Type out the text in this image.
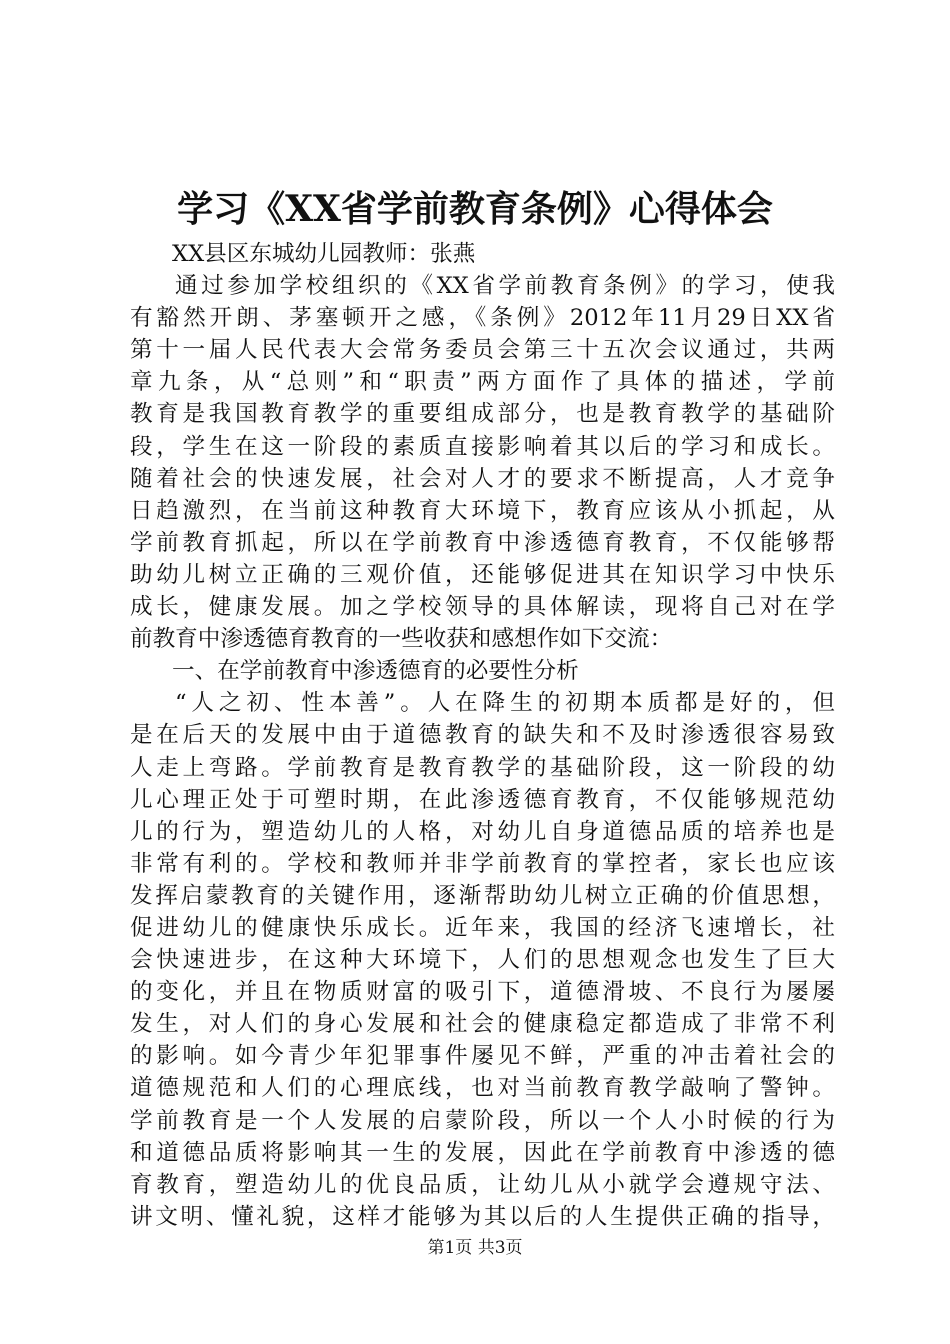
学习《XX省学前教育条例》心得体会
XX县区东城幼儿园教师：张燕
通过参加学校组织的《XX省学前教育条例》的学习，使我
有豁然开朗、茅塞顿开之感，《条例》2012年11月29日XX省
第十一届人民代表大会常务委员会第三十五次会议通过，共两
章九条，从“总则”和“职责”两方面作了具体的描述，学前
教育是我国教育教学的重要组成部分，也是教育教学的基础阶
段，学生在这一阶段的素质直接影响着其以后的学习和成长。
随着社会的快速发展，社会对人才的要求不断提高，人才竞争
日趋激烈，在当前这种教育大环境下，教育应该从小抓起，从
学前教育抓起，所以在学前教育中渗透德育教育，不仅能够帮
助幼儿树立正确的三观价值，还能够促进其在知识学习中快乐
成长，健康发展。加之学校领导的具体解读，现将自己对在学
前教育中渗透德育教育的一些收获和感想作如下交流：
一、在学前教育中渗透德育的必要性分析
“人之初、性本善”。人在降生的初期本质都是好的，但
是在后天的发展中由于道德教育的缺失和不及时渗透很容易致
人走上弯路。学前教育是教育教学的基础阶段，这一阶段的幼
儿心理正处于可塑时期，在此渗透德育教育，不仅能够规范幼
儿的行为，塑造幼儿的人格，对幼儿自身道德品质的培养也是
非常有利的。学校和教师并非学前教育的掌控者，家长也应该
发挥启蒙教育的关键作用，逐渐帮助幼儿树立正确的价值思想，
促进幼儿的健康快乐成长。近年来，我国的经济飞速增长，社
会快速进步，在这种大环境下，人们的思想观念也发生了巨大
的变化，并且在物质财富的吸引下，道德滑坡、不良行为屡屡
发生，对人们的身心发展和社会的健康稳定都造成了非常不利
的影响。如今青少年犯罪事件屡见不鲜，严重的冲击着社会的
道德规范和人们的心理底线，也对当前教育教学敲响了警钟。
学前教育是一个人发展的启蒙阶段，所以一个人小时候的行为
和道德品质将影响其一生的发展，因此在学前教育中渗透的德
育教育，塑造幼儿的优良品质，让幼儿从小就学会遵规守法、
讲文明、懂礼貌，这样才能够为其以后的人生提供正确的指导，
第1页 共3页
